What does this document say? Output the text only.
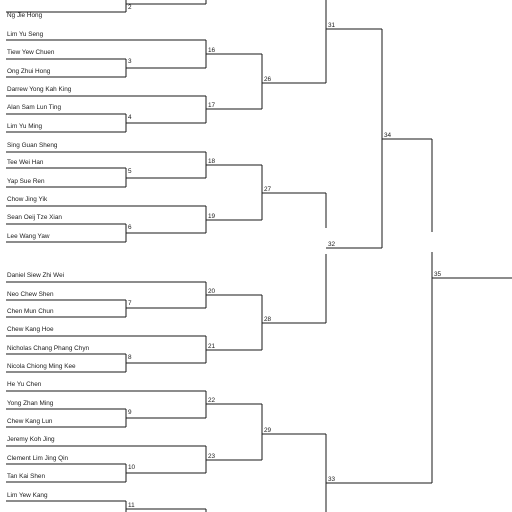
Ng Jie Hong
Lim Yu Seng
Tiew Yew Chuen
Ong Zhui Hong
Darrew Yong Kah King
Alan Sam Lun Ting
Lim Yu Ming
Sing Guan Sheng
Tee Wei Han
Yap Sue Ren
Chow Jing Yik
Sean Oeij Tze Xian
Lee Wang Yaw
Daniel Siew Zhi Wei
Neo Chew Shen
Chen Mun Chun
Chew Kang Hoe
Nicholas Chang Phang Chyn
Nicola Chiong Ming Kee
He Yu Chen
Yong Zhan Ming
Chew Kang Lun
Jeremy Koh Jing
Clement Lim Jing Qin
Tan Kai Shen
Lim Yew Kang
2
3
4
5
6
7
8
9
10
11
16
17
18
19
20
21
22
23
26
27
28
29
31
32
33
34
35
